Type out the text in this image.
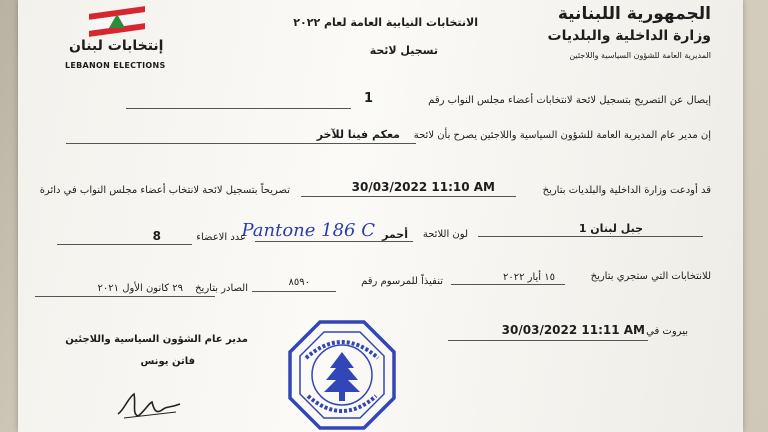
الجمهورية اللبنانية
وزارة الداخلية والبلديات
المديرية العامة للشؤون السياسية واللاجئين
الانتخابات النيابية العامة لعام ٢٠٢٢
تسجيل لائحة
إنتخابات لبنان
LEBANON ELECTIONS
إيصال عن التصريح بتسجيل لائحة لانتخابات أعضاء مجلس النواب رقم
1
إن مدير عام المديرية العامة للشؤون السياسية واللاجئين يصرح بأن لائحة
معكم فينا للآخر
قد أودعت وزارة الداخلية والبلديات بتاريخ
30/03/2022 11:10 AM
تصريحاً بتسجيل لائحة لانتخاب أعضاء مجلس النواب في دائرة
جبل لبنان 1
لون اللائحة
أحمر
Pantone 186 C
عدد الاعضاء
8
للانتخابات التي ستجري بتاريخ
١٥ أيار ٢٠٢٢
تنفيذاً للمرسوم رقم
٨٥٩٠
الصادر بتاريخ
٢٩ كانون الأول ٢٠٢١
بيروت في
30/03/2022 11:11 AM
مدير عام الشؤون السياسية واللاجئين
فاتن يونس
